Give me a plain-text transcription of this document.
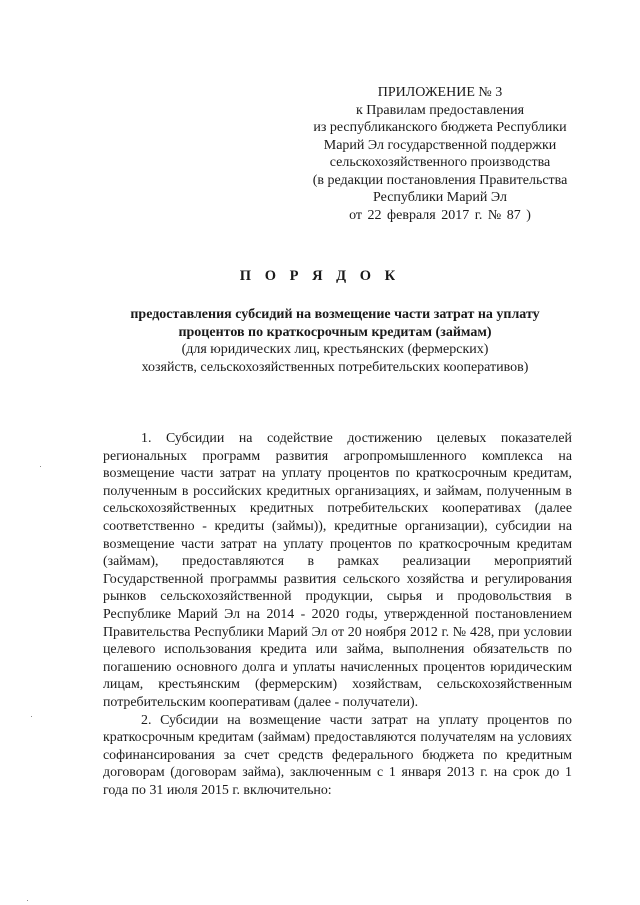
ПРИЛОЖЕНИЕ № 3
к Правилам предоставления
из республиканского бюджета Республики
Марий Эл государственной поддержки
сельскохозяйственного производства
(в редакции постановления Правительства
Республики Марий Эл
от 22 февраля 2017 г. № 87 )
П О Р Я Д О К
предоставления субсидий на возмещение части затрат на уплату
процентов по краткосрочным кредитам (займам)
(для юридических лиц, крестьянских (фермерских)
хозяйств, сельскохозяйственных потребительских кооперативов)

1. Субсидии на содействие достижению целевых показателей региональных программ развития агропромышленного комплекса на возмещение части затрат на уплату процентов по краткосрочным кредитам, полученным в российских кредитных организациях, и займам, полученным в сельскохозяйственных кредитных потребительских кооперативах (далее соответственно - кредиты (займы)), кредитные организации), субсидии на возмещение части затрат на уплату процентов по краткосрочным кредитам (займам), предоставляются в рамках реализации мероприятий Государственной программы развития сельского хозяйства и регулирования рынков сельскохозяйственной продукции, сырья и продовольствия в Республике Марий Эл на 2014 - 2020 годы, утвержденной постановлением Правительства Республики Марий Эл от 20 ноября 2012 г. № 428, при условии целевого использования кредита или займа, выполнения обязательств по погашению основного долга и уплаты начисленных процентов юридическим лицам, крестьянским (фермерским) хозяйствам, сельскохозяйственным потребительским кооперативам (далее - получатели).

2. Субсидии на возмещение части затрат на уплату процентов по краткосрочным кредитам (займам) предоставляются получателям на условиях софинансирования за счет средств федерального бюджета по кредитным договорам (договорам займа), заключенным с 1 января 2013 г. на срок до 1 года по 31 июля 2015 г. включительно:
